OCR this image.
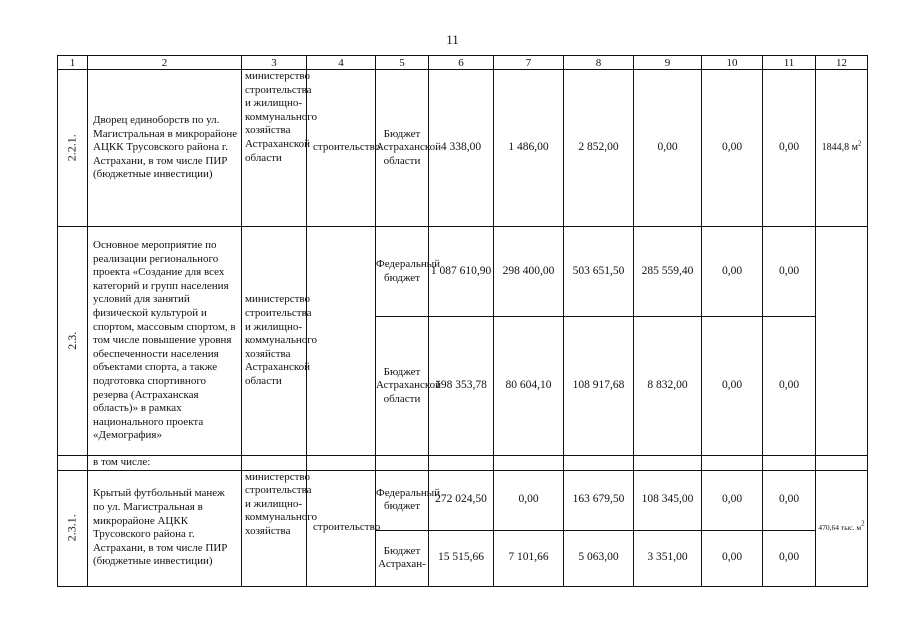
11
1	2	3	4	5	6	7	8	9	10	11	12
2.2.1.	Дворец единоборств по ул. Магистральная в микрорайоне АЦКК Трусовского района г. Астрахани, в том числе ПИР (бюджетные инвестиции)	министерство строительства и жилищно-коммунального хозяйства Астраханской области	строительство	Бюджет Астраханской области	4 338,00	1 486,00	2 852,00	0,00	0,00	0,00	1844,8 $м^2$
2.3.	Основное мероприятие по реализации регионального проекта «Создание для всех категорий и групп населения условий для занятий физической культурой и спортом, массовым спортом, в том числе повышение уровня обеспеченности населения объектами спорта, а также подготовка спортивного резерва (Астраханская область)» в рамках национального проекта «Демография»	министерство строительства и жилищно-коммунального хозяйства Астраханской области		Федеральный бюджет	1 087 610,90	298 400,00	503 651,50	285 559,40	0,00	0,00	
				Бюджет Астраханской области	198 353,78	80 604,10	108 917,68	8 832,00	0,00	0,00	
	в том числе:										
2.3.1.	Крытый футбольный манеж по ул. Магистральная в микрорайоне АЦКК Трусовского района г. Астрахани, в том числе ПИР (бюджетные инвестиции)	министерство строительства и жилищно-коммунального хозяйства	строительство	Федеральный бюджет	272 024,50	0,00	163 679,50	108 345,00	0,00	0,00	470,64 тыс. $м^2$
				Бюджет Астрахан-	15 515,66	7 101,66	5 063,00	3 351,00	0,00	0,00	
